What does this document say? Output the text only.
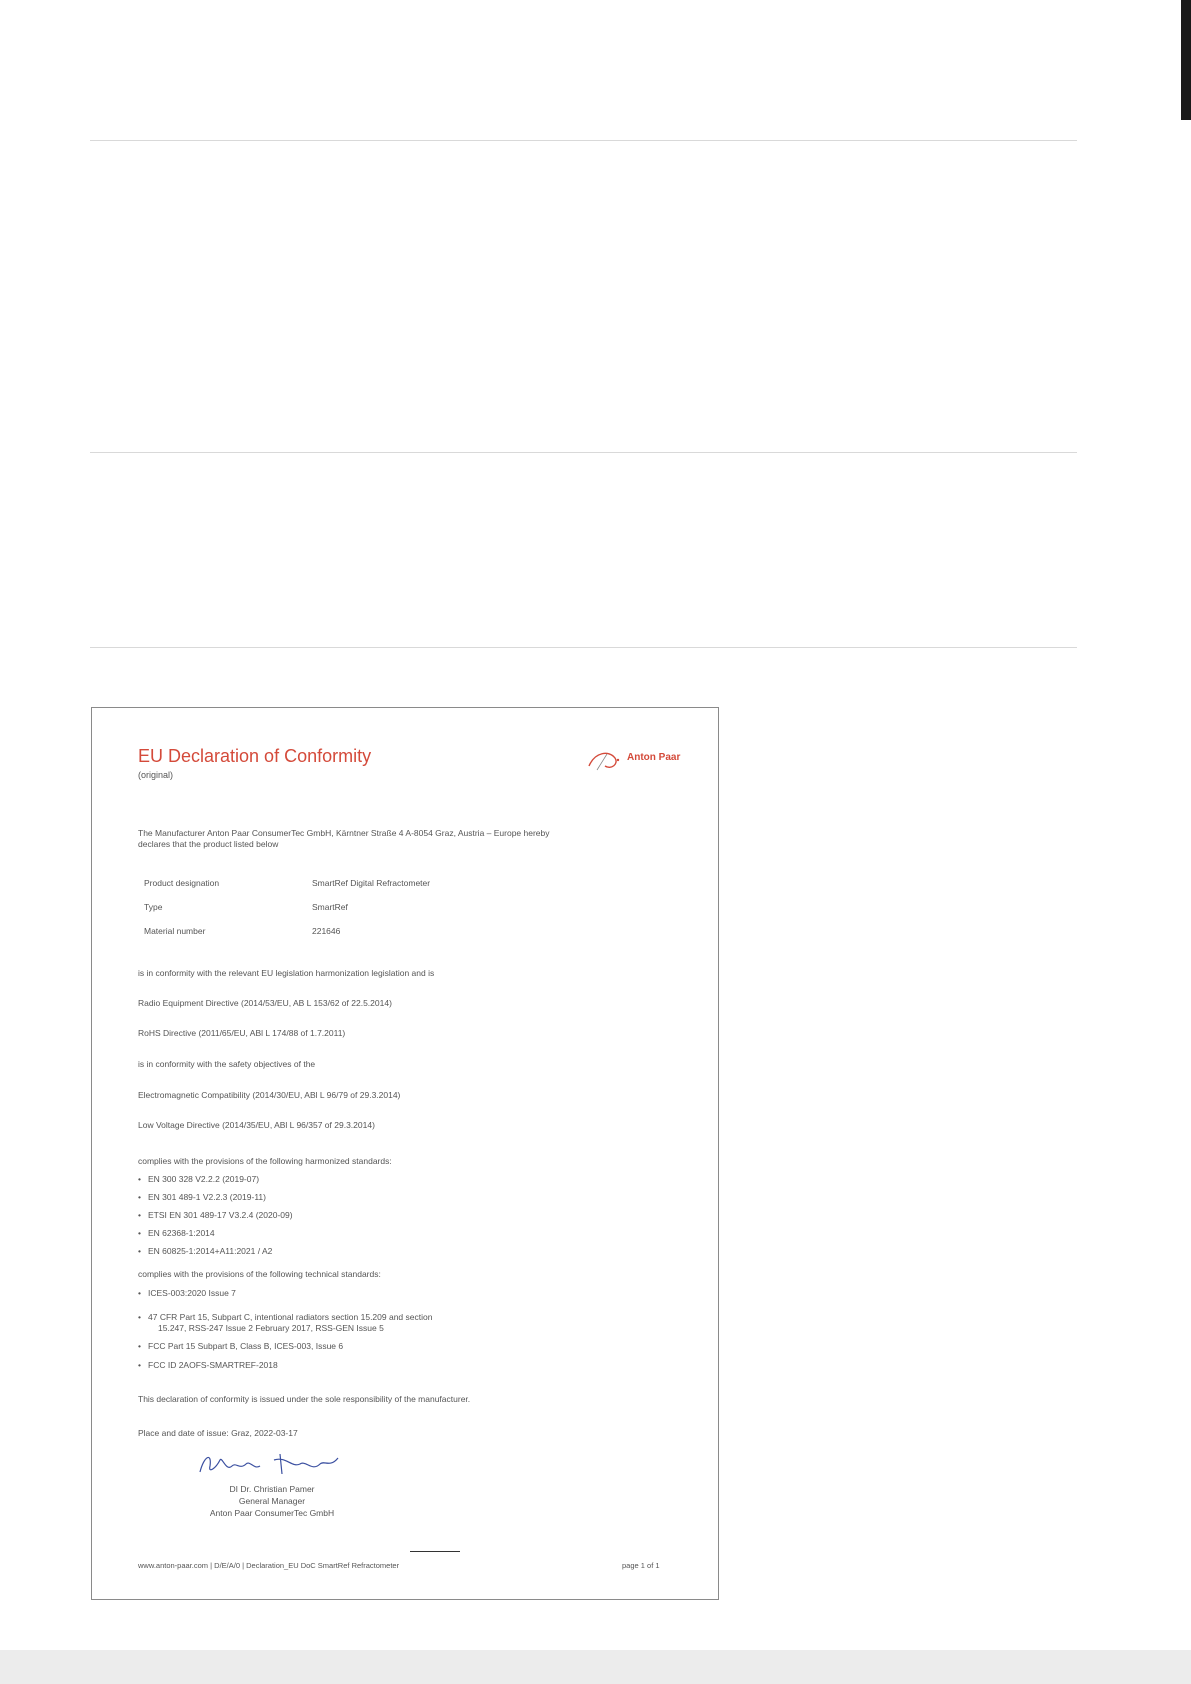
EU Declaration of Conformity
(original)
Anton Paar
The Manufacturer Anton Paar ConsumerTec GmbH, Kärntner Straße 4 A-8054 Graz, Austria – Europe hereby
declares that the product listed below
Product designation	SmartRef Digital Refractometer
Type	SmartRef
Material number	221646
is in conformity with the relevant EU legislation harmonization legislation and is
Radio Equipment Directive (2014/53/EU, AB L 153/62 of 22.5.2014)
RoHS Directive (2011/65/EU, ABl L 174/88 of 1.7.2011)
is in conformity with the safety objectives of the
Electromagnetic Compatibility (2014/30/EU, ABl L 96/79 of 29.3.2014)
Low Voltage Directive (2014/35/EU, ABl L 96/357 of 29.3.2014)
complies with the provisions of the following harmonized standards:
• EN 300 328 V2.2.2 (2019-07)
• EN 301 489-1 V2.2.3 (2019-11)
• ETSI EN 301 489-17 V3.2.4 (2020-09)
• EN 62368-1:2014
• EN 60825-1:2014+A11:2021 / A2
complies with the provisions of the following technical standards:
• ICES-003:2020 Issue 7
• 47 CFR Part 15, Subpart C, intentional radiators section 15.209 and section
15.247, RSS-247 Issue 2 February 2017, RSS-GEN Issue 5
• FCC Part 15 Subpart B, Class B, ICES-003, Issue 6
• FCC ID 2AOFS-SMARTREF-2018
This declaration of conformity is issued under the sole responsibility of the manufacturer.
Place and date of issue: Graz, 2022-03-17
DI Dr. Christian Pamer
General Manager
Anton Paar ConsumerTec GmbH
www.anton-paar.com | D/E/A/0 | Declaration_EU DoC SmartRef Refractometer	page 1 of 1
